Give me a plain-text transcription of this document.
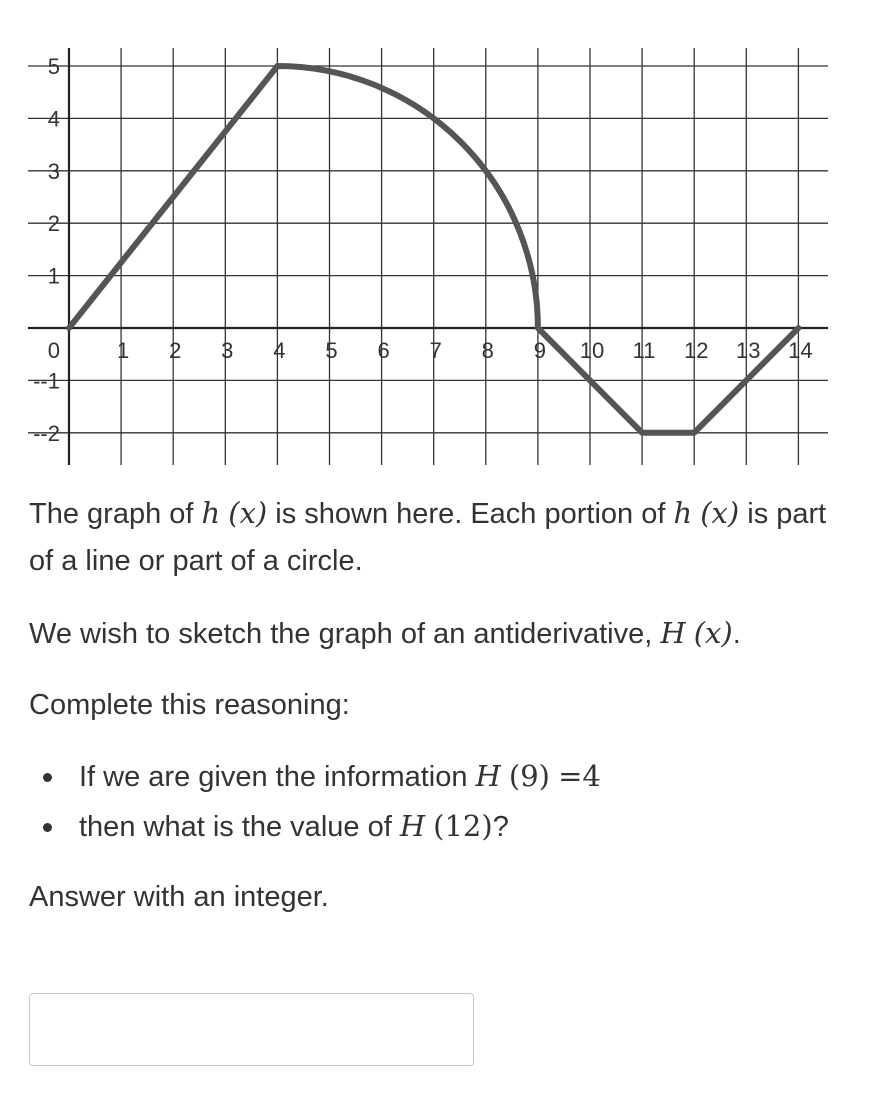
1 2 3 4 5 6 7 8 9 10 11 12 13 14
--2
--1
1
2
3
4
5
0
The graph of h (x) is shown here. Each portion of h (x) is part of a line or part of a circle.
We wish to sketch the graph of an antiderivative, H (x).
Complete this reasoning:
If we are given the information H (9) =4
then what is the value of H (12)?
Answer with an integer.
